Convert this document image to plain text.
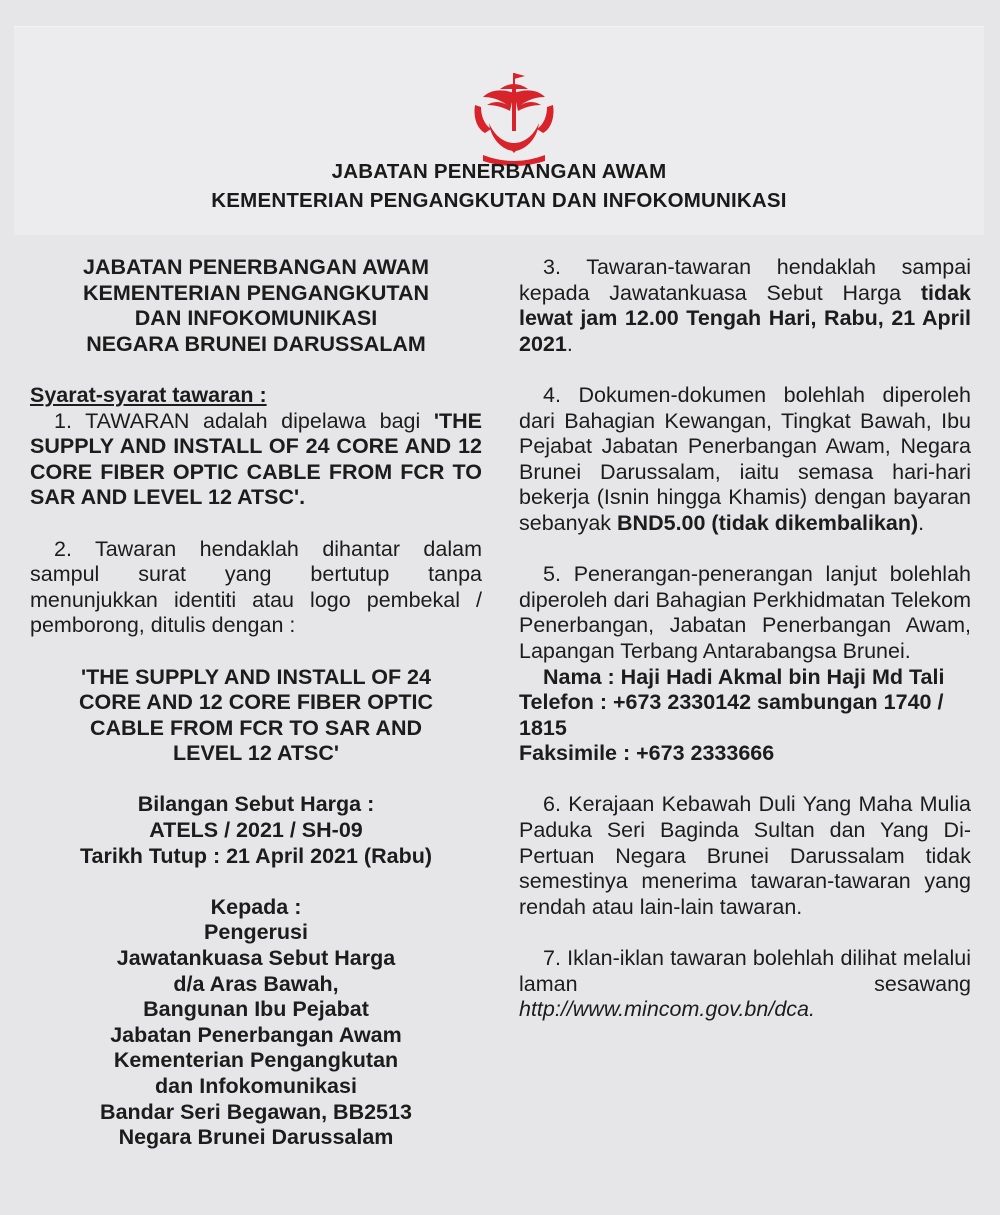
JABATAN PENERBANGAN AWAM
KEMENTERIAN PENGANGKUTAN DAN INFOKOMUNIKASI

JABATAN PENERBANGAN AWAM

KEMENTERIAN PENGANGKUTAN

DAN INFOKOMUNIKASI

NEGARA BRUNEI DARUSSALAM

Syarat-syarat tawaran :

1. TAWARAN adalah dipelawa bagi 'THE SUPPLY AND INSTALL OF 24 CORE AND 12 CORE FIBER OPTIC CABLE FROM FCR TO SAR AND LEVEL 12 ATSC'.

2. Tawaran hendaklah dihantar dalam sampul surat yang bertutup tanpa menunjukkan identiti atau logo pembekal / pemborong, ditulis dengan :

'THE SUPPLY AND INSTALL OF 24

CORE AND 12 CORE FIBER OPTIC

CABLE FROM FCR TO SAR AND

LEVEL 12 ATSC'

Bilangan Sebut Harga :

ATELS / 2021 / SH-09

Tarikh Tutup : 21 April 2021 (Rabu)

Kepada :

Pengerusi

Jawatankuasa Sebut Harga

d/a Aras Bawah,

Bangunan Ibu Pejabat

Jabatan Penerbangan Awam

Kementerian Pengangkutan

dan Infokomunikasi

Bandar Seri Begawan, BB2513

Negara Brunei Darussalam

3. Tawaran-tawaran hendaklah sampai kepada Jawatankuasa Sebut Harga tidak lewat jam 12.00 Tengah Hari, Rabu, 21 April 2021.

4. Dokumen-dokumen bolehlah diperoleh dari Bahagian Kewangan, Tingkat Bawah, Ibu Pejabat Jabatan Penerbangan Awam, Negara Brunei Darussalam, iaitu semasa hari-hari bekerja (Isnin hingga Khamis) dengan bayaran sebanyak BND5.00 (tidak dikembalikan).

5. Penerangan-penerangan lanjut bolehlah diperoleh dari Bahagian Perkhidmatan Telekom Penerbangan, Jabatan Penerbangan Awam, Lapangan Terbang Antarabangsa Brunei.

Nama : Haji Hadi Akmal bin Haji Md Tali

Telefon : +673 2330142 sambungan 1740 / 1815

Faksimile : +673 2333666

6. Kerajaan Kebawah Duli Yang Maha Mulia Paduka Seri Baginda Sultan dan Yang Di-Pertuan Negara Brunei Darussalam tidak semestinya menerima tawaran-tawaran yang rendah atau lain-lain tawaran.

7. Iklan-iklan tawaran bolehlah dilihat melalui laman sesawang http://www.mincom.gov.bn/dca.
